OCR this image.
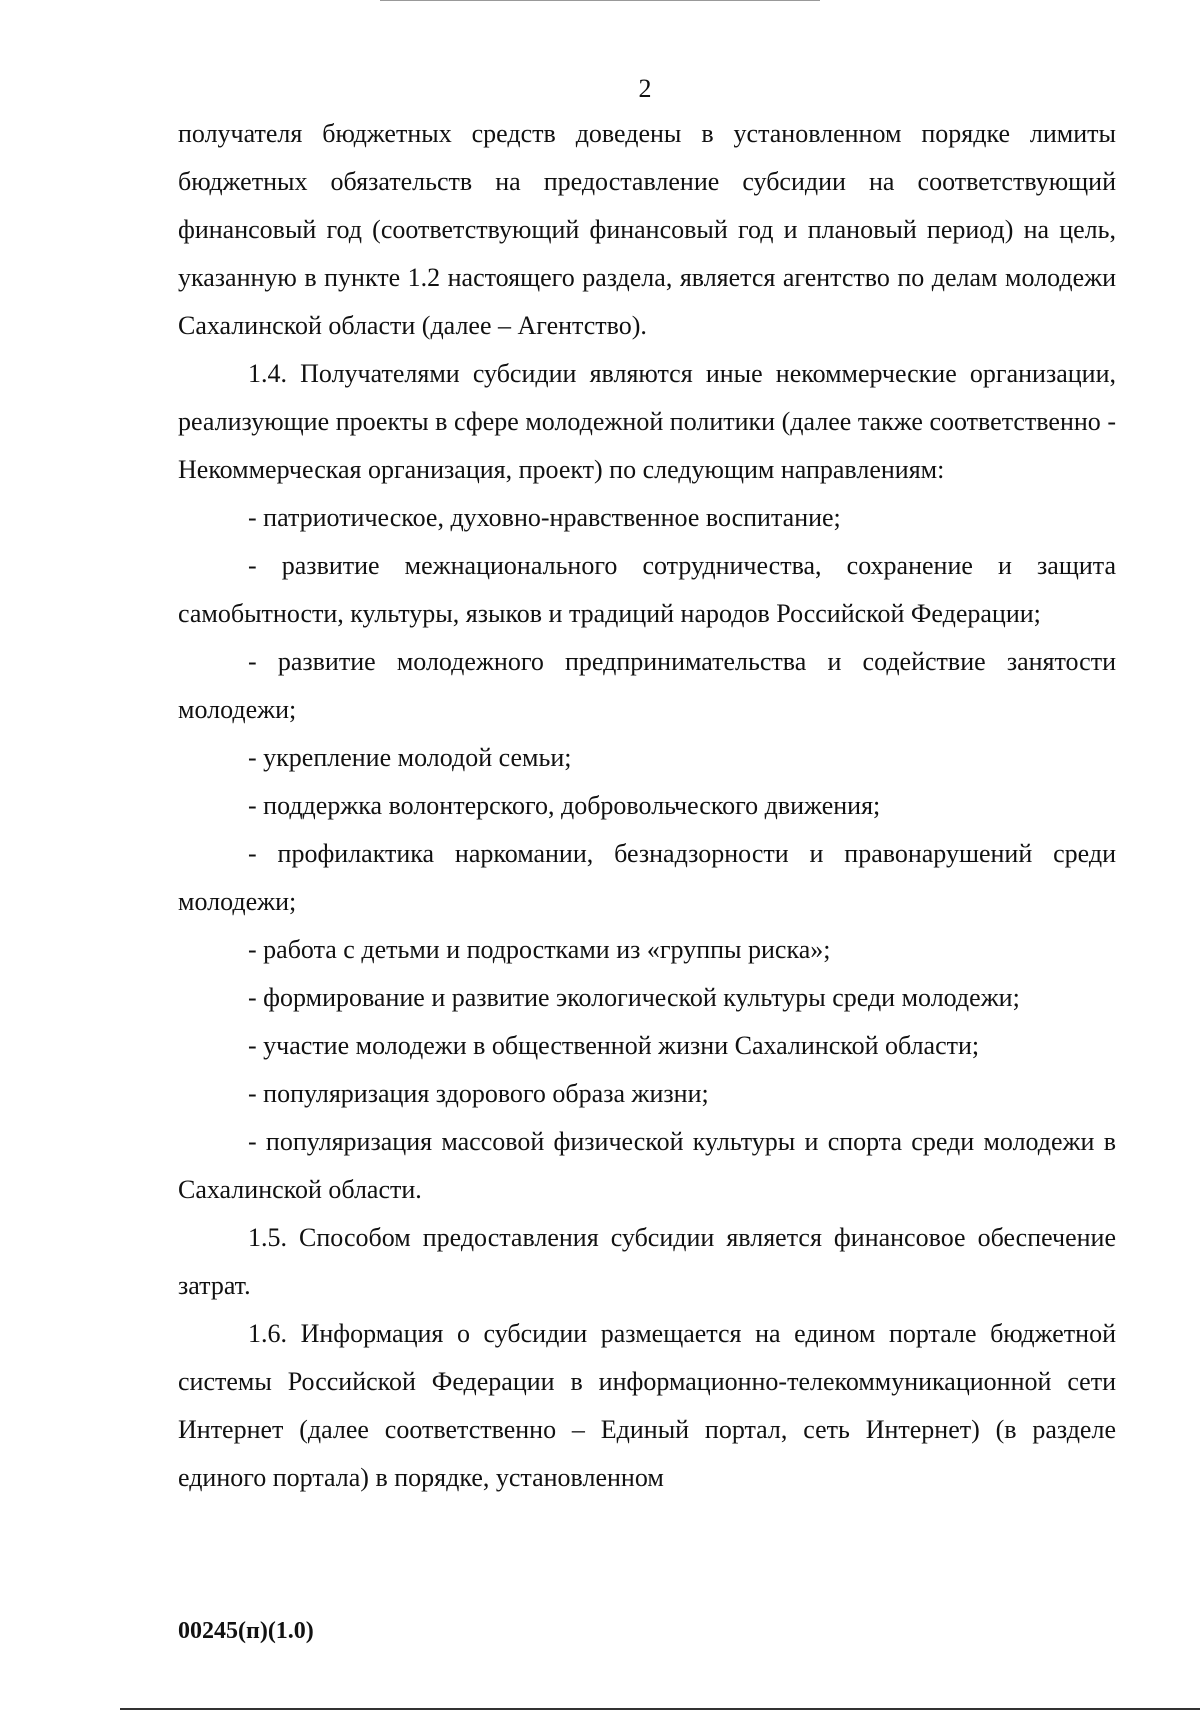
2

получателя бюджетных средств доведены в установленном порядке лимиты бюджетных обязательств на предоставление субсидии на соответствующий финансовый год (соответствующий финансовый год и плановый период) на цель, указанную в пункте 1.2 настоящего раздела, является агентство по делам молодежи Сахалинской области (далее – Агентство).

1.4. Получателями субсидии являются иные некоммерческие организации, реализующие проекты в сфере молодежной политики (далее также соответственно - Некоммерческая организация, проект) по следующим направлениям:

- патриотическое, духовно-нравственное воспитание;

- развитие межнационального сотрудничества, сохранение и защита самобытности, культуры, языков и традиций народов Российской Федерации;

- развитие молодежного предпринимательства и содействие занятости молодежи;

- укрепление молодой семьи;

- поддержка волонтерского, добровольческого движения;

- профилактика наркомании, безнадзорности и правонарушений среди молодежи;

- работа с детьми и подростками из «группы риска»;

- формирование и развитие экологической культуры среди молодежи;

- участие молодежи в общественной жизни Сахалинской области;

- популяризация здорового образа жизни;

- популяризация массовой физической культуры и спорта среди молодежи в Сахалинской области.

1.5. Способом предоставления субсидии является финансовое обеспечение затрат.

1.6. Информация о субсидии размещается на едином портале бюджетной системы Российской Федерации в информационно-телекоммуникационной сети Интернет (далее соответственно – Единый портал, сеть Интернет) (в разделе единого портала) в порядке, установленном

00245(п)(1.0)
